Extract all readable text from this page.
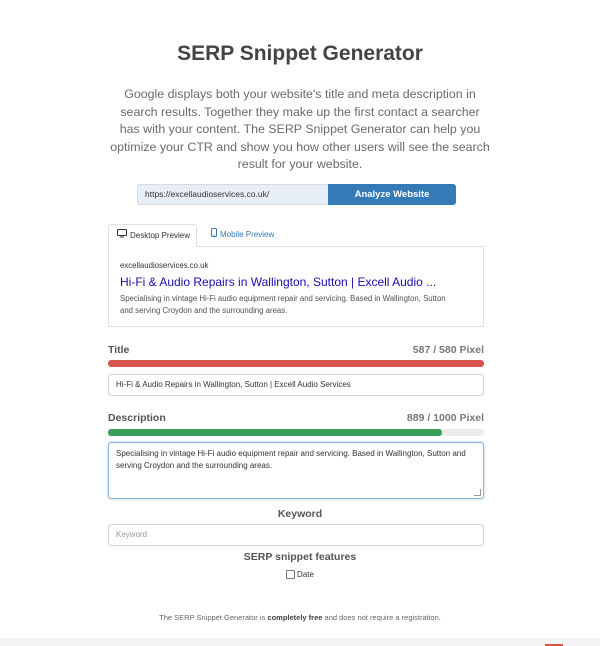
SERP Snippet Generator
Google displays both your website's title and meta description in search results. Together they make up the first contact a searcher has with your content. The SERP Snippet Generator can help you optimize your CTR and show you how other users will see the search result for your website.
https://excellaudioservices.co.uk/	Analyze Website
Desktop Preview	Mobile Preview
excellaudioservices.co.uk
Hi-Fi & Audio Repairs in Wallington, Sutton | Excell Audio ...
Specialising in vintage Hi-Fi audio equipment repair and servicing. Based in Wallington, Sutton and serving Croydon and the surrounding areas.
Title	587 / 580 Pixel
Hi-Fi & Audio Repairs in Wallington, Sutton | Excell Audio Services
Description	889 / 1000 Pixel
Specialising in vintage Hi-Fi audio equipment repair and servicing. Based in Wallington, Sutton and serving Croydon and the surrounding areas.
Keyword
Keyword
SERP snippet features
Date
The SERP Snippet Generator is completely free and does not require a registration.
